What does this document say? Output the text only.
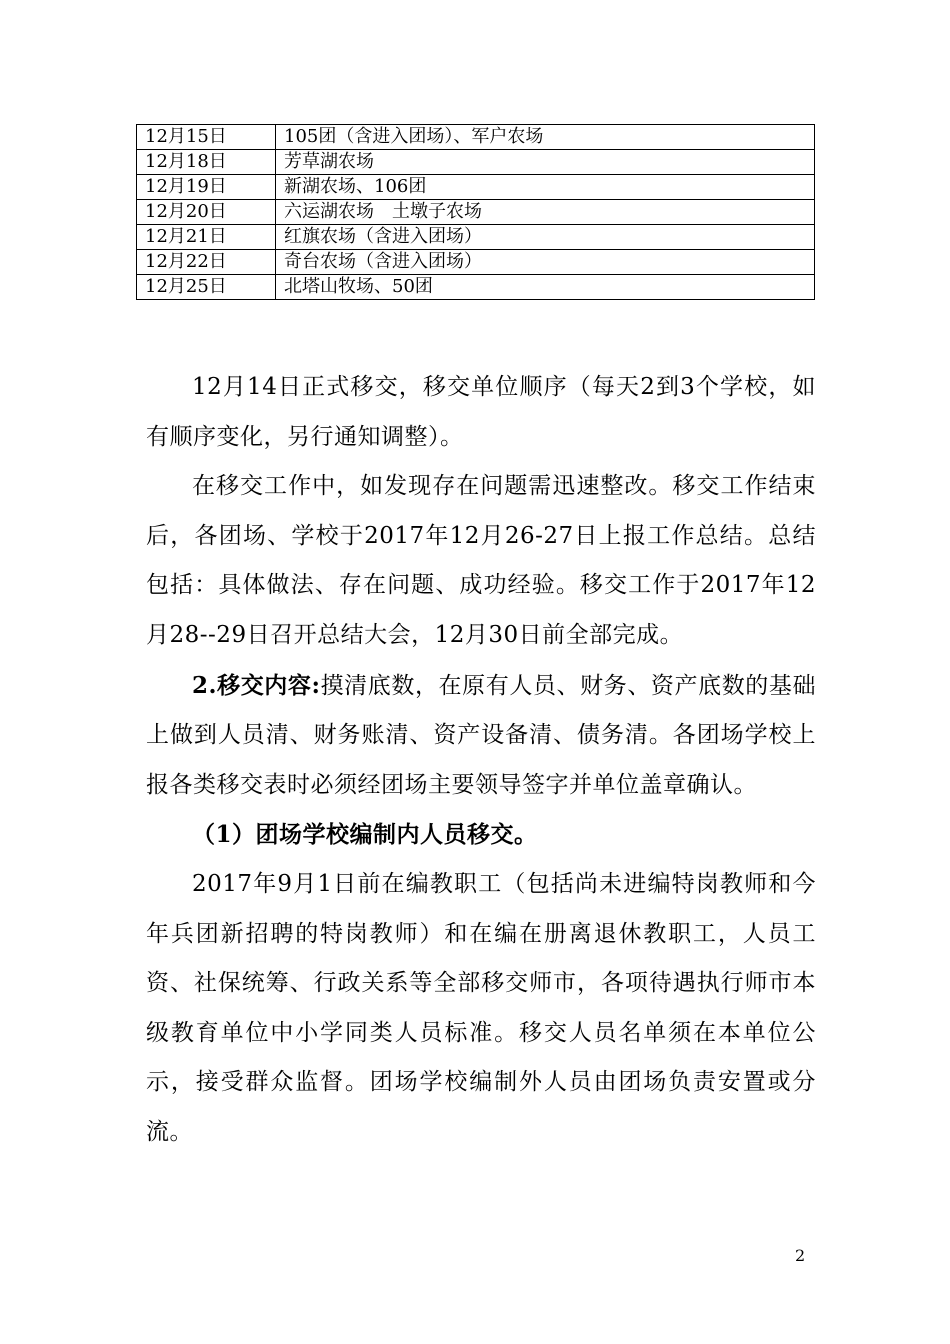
12月15日	105团（含进入团场）、军户农场
12月18日	芳草湖农场
12月19日	新湖农场、106团
12月20日	六运湖农场　土墩子农场
12月21日	红旗农场（含进入团场）
12月22日	奇台农场（含进入团场）
12月25日	北塔山牧场、50团

12月14日正式移交，移交单位顺序（每天2到3个学校，如有顺序变化，另行通知调整）。

在移交工作中，如发现存在问题需迅速整改。移交工作结束后，各团场、学校于2017年12月26-27日上报工作总结。总结包括：具体做法、存在问题、成功经验。移交工作于2017年12月28--29日召开总结大会，12月30日前全部完成。

2.移交内容:摸清底数，在原有人员、财务、资产底数的基础上做到人员清、财务账清、资产设备清、债务清。各团场学校上报各类移交表时必须经团场主要领导签字并单位盖章确认。

（1）团场学校编制内人员移交。

2017年9月1日前在编教职工（包括尚未进编特岗教师和今年兵团新招聘的特岗教师）和在编在册离退休教职工，人员工资、社保统筹、行政关系等全部移交师市，各项待遇执行师市本级教育单位中小学同类人员标准。移交人员名单须在本单位公示，接受群众监督。团场学校编制外人员由团场负责安置或分流。

2
